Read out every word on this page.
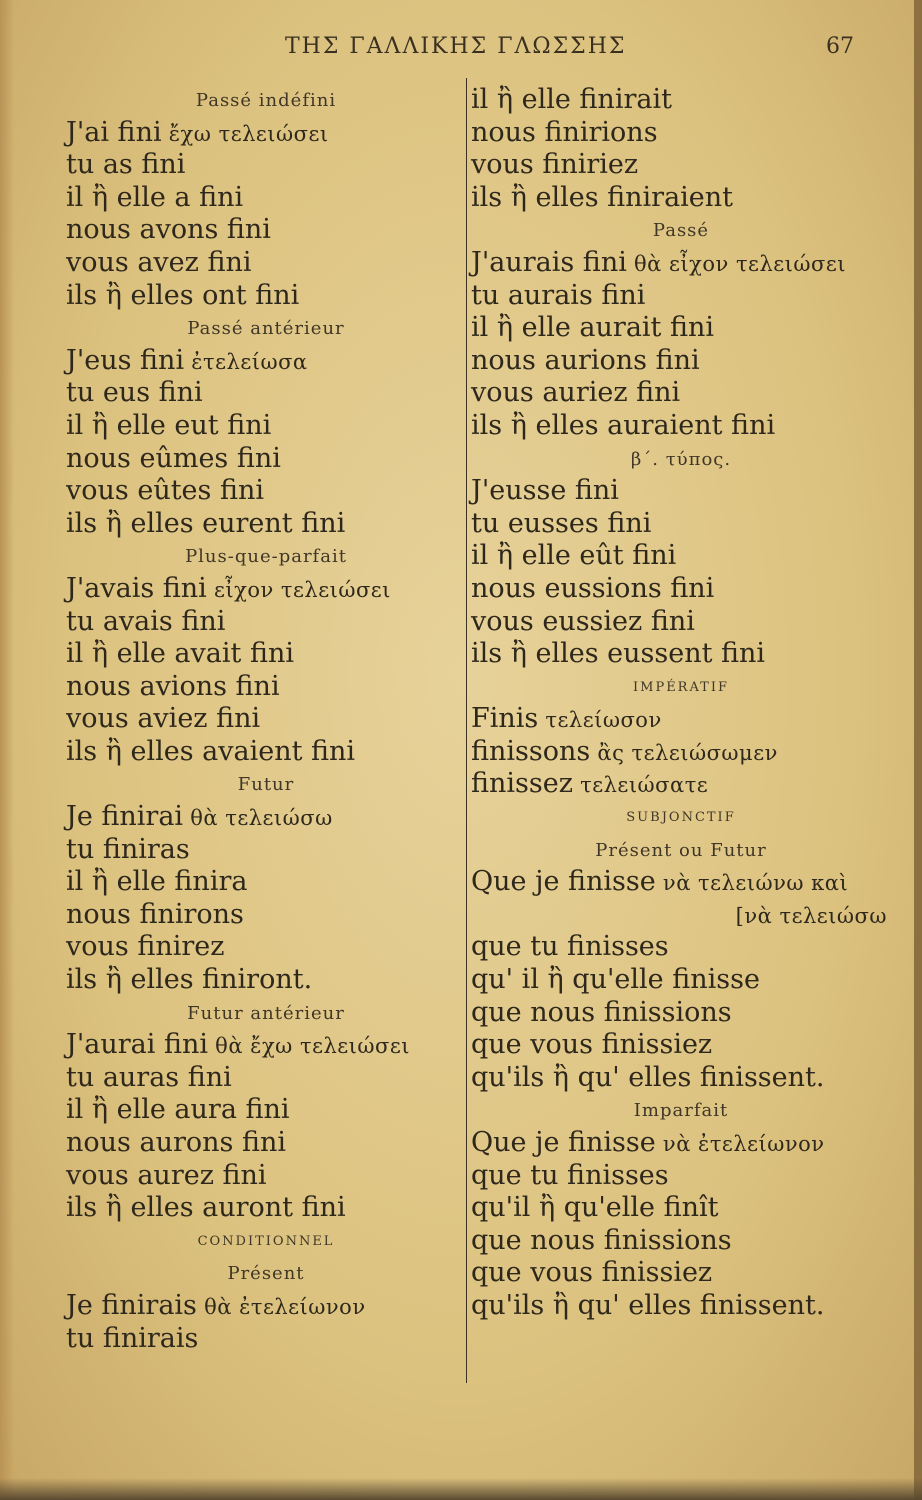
ΤΗΣ ΓΑΛΛΙΚΗΣ ΓΛΩΣΣΗΣ	67
Passé indéfini
J'ai fini ἔχω τελειώσει
tu as fini
il ἢ elle a fini
nous avons fini
vous avez fini
ils ἢ elles ont fini
Passé antérieur
J'eus fini ἐτελείωσα
tu eus fini
il ἢ elle eut fini
nous eûmes fini
vous eûtes fini
ils ἢ elles eurent fini
Plus-que-parfait
J'avais fini εἶχον τελειώσει
tu avais fini
il ἢ elle avait fini
nous avions fini
vous aviez fini
ils ἢ elles avaient fini
Futur
Je finirai θὰ τελειώσω
tu finiras
il ἢ elle finira
nous finirons
vous finirez
ils ἢ elles finiront.
Futur antérieur
J'aurai fini θὰ ἔχω τελειώσει
tu auras fini
il ἢ elle aura fini
nous aurons fini
vous aurez fini
ils ἢ elles auront fini
CONDITIONNEL
Présent
Je finirais θὰ ἐτελείωνον
tu finirais
il ἢ elle finirait
nous finirions
vous finiriez
ils ἢ elles finiraient
Passé
J'aurais fini θὰ εἶχον τελειώσει
tu aurais fini
il ἢ elle aurait fini
nous aurions fini
vous auriez fini
ils ἢ elles auraient fini
β΄. τύπος.
J'eusse fini
tu eusses fini
il ἢ elle eût fini
nous eussions fini
vous eussiez fini
ils ἢ elles eussent fini
IMPÉRATIF
Finis τελείωσον
finissons ἂς τελειώσωμεν
finissez τελειώσατε
SUBJONCTIF
Présent ou Futur
Que je finisse νὰ τελειώνω καὶ
[νὰ τελειώσω
que tu finisses
qu' il ἢ qu'elle finisse
que nous finissions
que vous finissiez
qu'ils ἢ qu' elles finissent.
Imparfait
Que je finisse νὰ ἐτελείωνον
que tu finisses
qu'il ἢ qu'elle finît
que nous finissions
que vous finissiez
qu'ils ἢ qu' elles finissent.
